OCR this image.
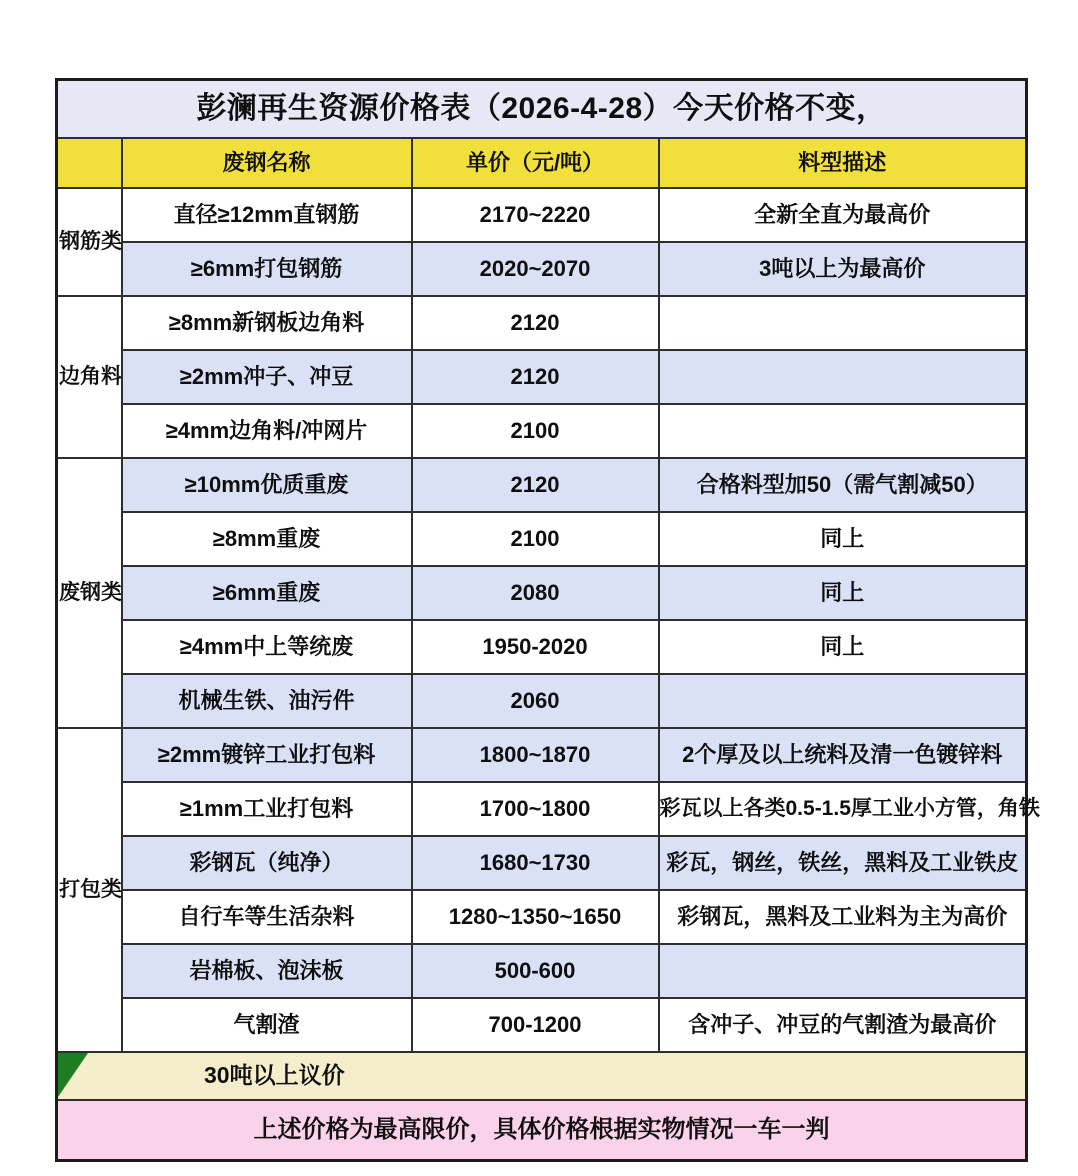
彭澜再生资源价格表（2026-4-28）今天价格不变，			
	废钢名称	单价（元/吨）	料型描述
钢筋类	直径≥12mm直钢筋	2170~2220	全新全直为最高价
	≥6mm打包钢筋	2020~2070	3吨以上为最高价
边角料	≥8mm新钢板边角料	2120	
	≥2mm冲子、冲豆	2120	
	≥4mm边角料/冲网片	2100	
废钢类	≥10mm优质重废	2120	合格料型加50（需气割减50）
	≥8mm重废	2100	同上
	≥6mm重废	2080	同上
	≥4mm中上等统废	1950-2020	同上
	机械生铁、油污件	2060	
打包类	≥2mm镀锌工业打包料	1800~1870	2个厚及以上统料及清一色镀锌料
	≥1mm工业打包料	1700~1800	彩瓦以上各类0.5-1.5厚工业小方管，角铁
	彩钢瓦（纯净）	1680~1730	彩瓦，钢丝，铁丝，黑料及工业铁皮
	自行车等生活杂料	1280~1350~1650	彩钢瓦，黑料及工业料为主为高价
	岩棉板、泡沫板	500-600	
	气割渣	700-1200	含冲子、冲豆的气割渣为最高价

30吨以上议价			
上述价格为最高限价，具体价格根据实物情况一车一判			
